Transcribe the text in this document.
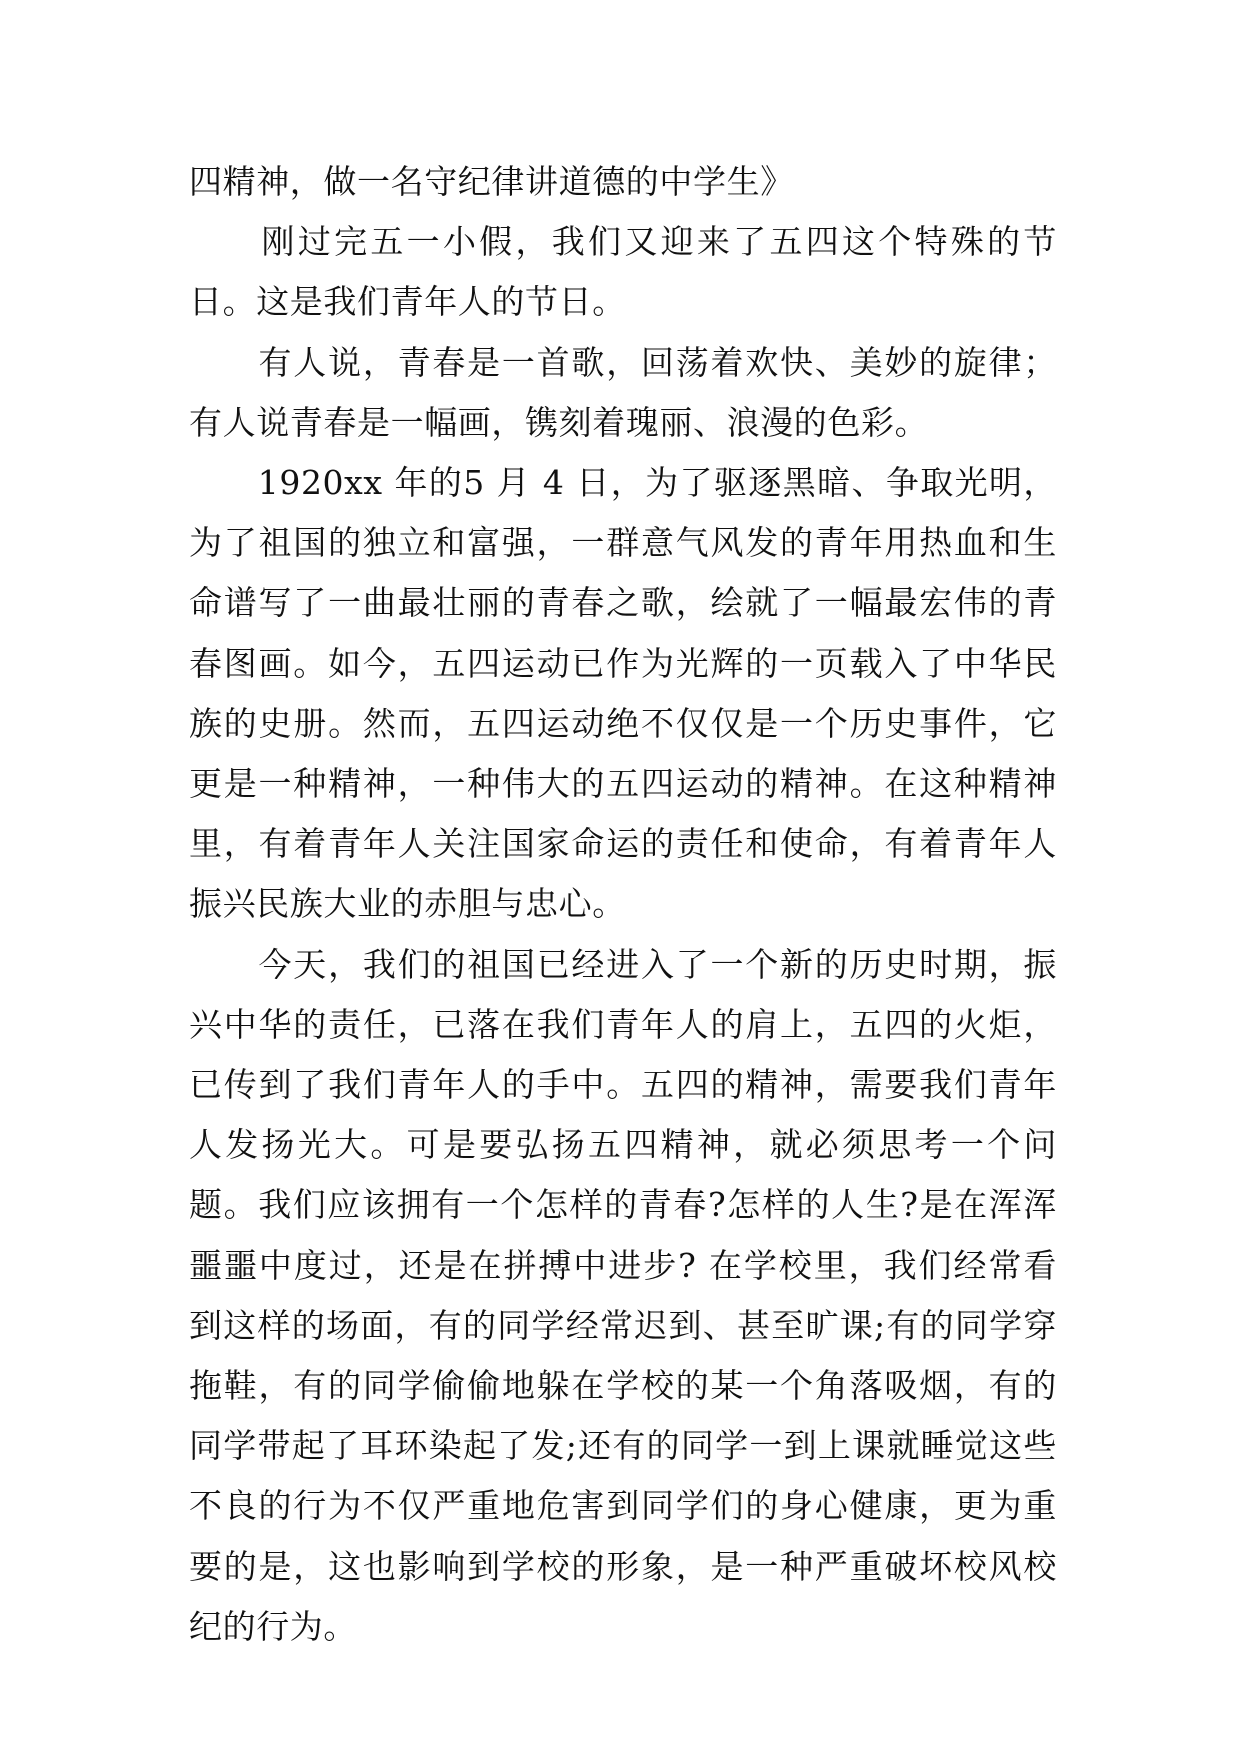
四精神，做一名守纪律讲道德的中学生》

　　刚过完五一小假，我们又迎来了五四这个特殊的节日。这是我们青年人的节日。

　　有人说，青春是一首歌，回荡着欢快、美妙的旋律；有人说青春是一幅画，镌刻着瑰丽、浪漫的色彩。

　　1920xx 年的5 月 4 日，为了驱逐黑暗、争取光明，为了祖国的独立和富强，一群意气风发的青年用热血和生命谱写了一曲最壮丽的青春之歌，绘就了一幅最宏伟的青春图画。如今，五四运动已作为光辉的一页载入了中华民族的史册。然而，五四运动绝不仅仅是一个历史事件，它更是一种精神，一种伟大的五四运动的精神。在这种精神里，有着青年人关注国家命运的责任和使命，有着青年人振兴民族大业的赤胆与忠心。

　　今天，我们的祖国已经进入了一个新的历史时期，振兴中华的责任，已落在我们青年人的肩上，五四的火炬，已传到了我们青年人的手中。五四的精神，需要我们青年人发扬光大。可是要弘扬五四精神，就必须思考一个问题。我们应该拥有一个怎样的青春?怎样的人生?是在浑浑噩噩中度过，还是在拼搏中进步? 在学校里，我们经常看到这样的场面，有的同学经常迟到、甚至旷课;有的同学穿拖鞋，有的同学偷偷地躲在学校的某一个角落吸烟，有的同学带起了耳环染起了发;还有的同学一到上课就睡觉这些不良的行为不仅严重地危害到同学们的身心健康，更为重要的是，这也影响到学校的形象，是一种严重破坏校风校纪的行为。
